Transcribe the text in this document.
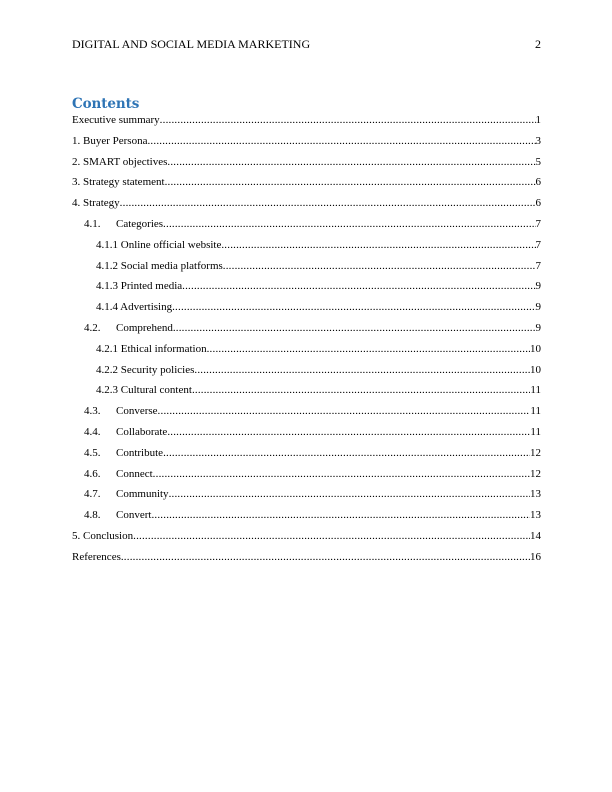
DIGITAL AND SOCIAL MEDIA MARKETING	2
Contents
Executive summary .....	1
1. Buyer Persona .....	3
2. SMART objectives .....	5
3. Strategy statement .....	6
4. Strategy .....	6
4.1.	Categories .....	7
4.1.1 Online official website .....	7
4.1.2 Social media platforms .....	7
4.1.3 Printed media .....	9
4.1.4 Advertising .....	9
4.2.	Comprehend .....	9
4.2.1 Ethical information .....	10
4.2.2 Security policies .....	10
4.2.3 Cultural content .....	11
4.3.	Converse .....	11
4.4.	Collaborate .....	11
4.5.	Contribute .....	12
4.6.	Connect .....	12
4.7.	Community .....	13
4.8.	Convert .....	13
5. Conclusion .....	14
References .....	16
